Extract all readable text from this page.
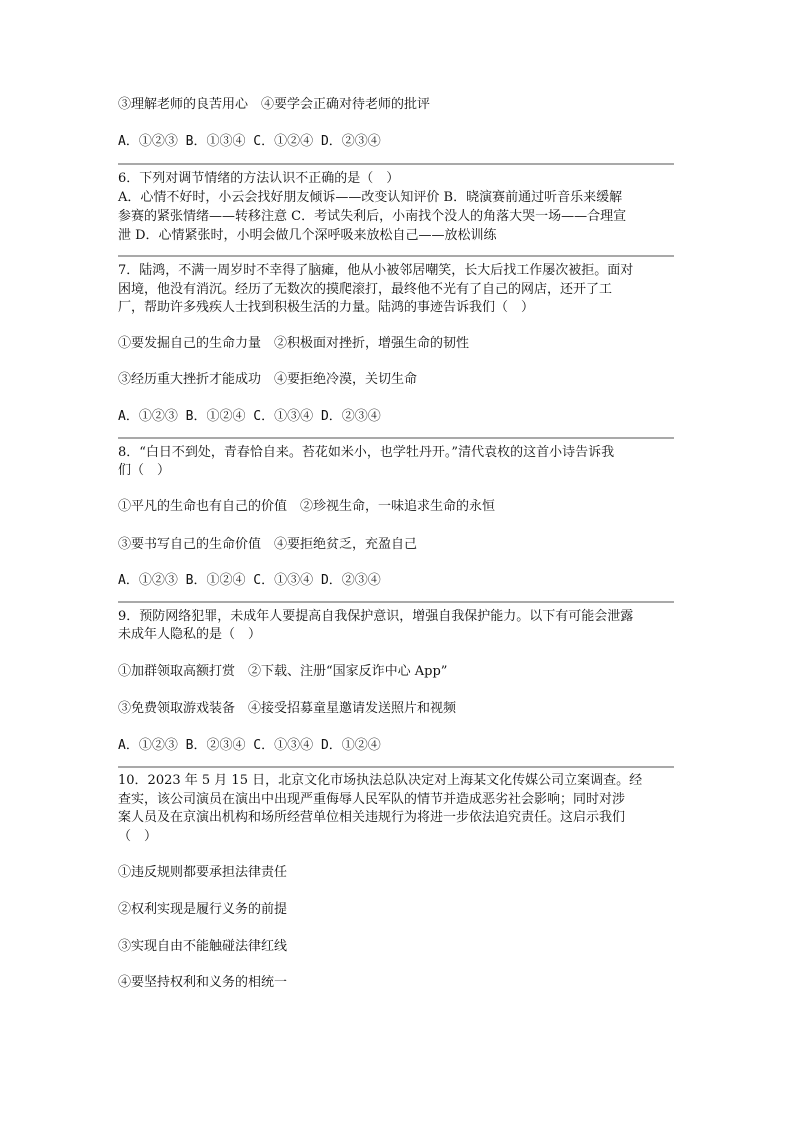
③理解老师的良苦用心　④要学会正确对待老师的批评
A．①②③ B．①③④ C．①②④ D．②③④
6．下列对调节情绪的方法认识不正确的是（　）
A．心情不好时，小云会找好朋友倾诉——改变认知评价 B．晓演赛前通过听音乐来缓解
参赛的紧张情绪——转移注意 C．考试失利后，小南找个没人的角落大哭一场——合理宣
泄 D．心情紧张时，小明会做几个深呼吸来放松自己——放松训练
7．陆鸿，不满一周岁时不幸得了脑瘫，他从小被邻居嘲笑，长大后找工作屡次被拒。面对
困境，他没有消沉。经历了无数次的摸爬滚打，最终他不光有了自己的网店，还开了工
厂，帮助许多残疾人士找到积极生活的力量。陆鸿的事迹告诉我们（　）
①要发掘自己的生命力量　②积极面对挫折，增强生命的韧性
③经历重大挫折才能成功　④要拒绝冷漠，关切生命
A．①②③ B．①②④ C．①③④ D．②③④
8．“白日不到处，青春恰自来。苔花如米小，也学牡丹开。”清代袁枚的这首小诗告诉我
们（　）
①平凡的生命也有自己的价值　②珍视生命，一味追求生命的永恒
③要书写自己的生命价值　④要拒绝贫乏，充盈自己
A．①②③ B．①②④ C．①③④ D．②③④
9．预防网络犯罪，未成年人要提高自我保护意识，增强自我保护能力。以下有可能会泄露
未成年人隐私的是（　）
①加群领取高额打赏　②下载、注册“国家反诈中心 App”
③免费领取游戏装备　④接受招募童星邀请发送照片和视频
A．①②③ B．②③④ C．①③④ D．①②④
10．2023 年 5 月 15 日，北京文化市场执法总队决定对上海某文化传媒公司立案调查。经
查实，该公司演员在演出中出现严重侮辱人民军队的情节并造成恶劣社会影响；同时对涉
案人员及在京演出机构和场所经营单位相关违规行为将进一步依法追究责任。这启示我们
（　）
①违反规则都要承担法律责任
②权利实现是履行义务的前提
③实现自由不能触碰法律红线
④要坚持权利和义务的相统一
